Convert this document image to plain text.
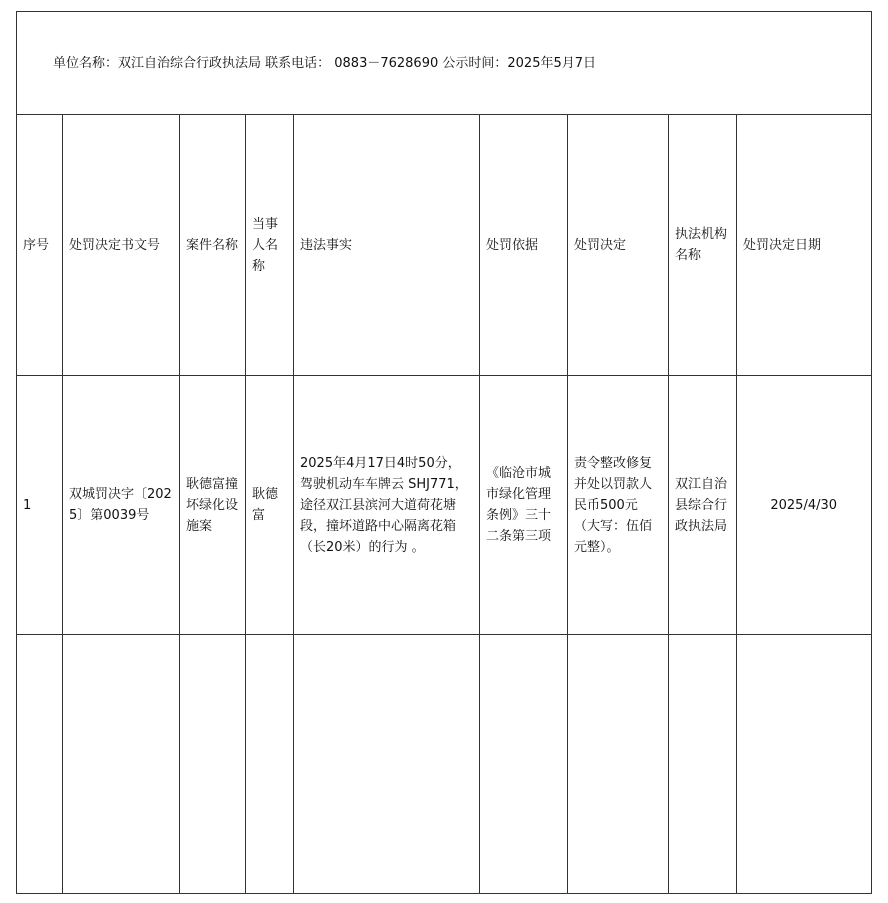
单位名称：双江自治综合行政执法局 联系电话： 0883－7628690 公示时间：2025年5月7日								
序号	处罚决定书文号	案件名称	当事人名称	违法事实	处罚依据	处罚决定	执法机构名称	处罚决定日期
1	双城罚决字〔2025〕第0039号	耿德富撞坏绿化设施案	耿德富	2025年4月17日4时50分，驾驶机动车车牌云 SHJ771，途径双江县滨河大道荷花塘段，撞坏道路中心隔离花箱（长20米）的行为 。	《临沧市城市绿化管理条例》三十二条第三项	责令整改修复并处以罚款人民币500元（大写：伍佰元整）。	双江自治县综合行政执法局	2025/4/30
